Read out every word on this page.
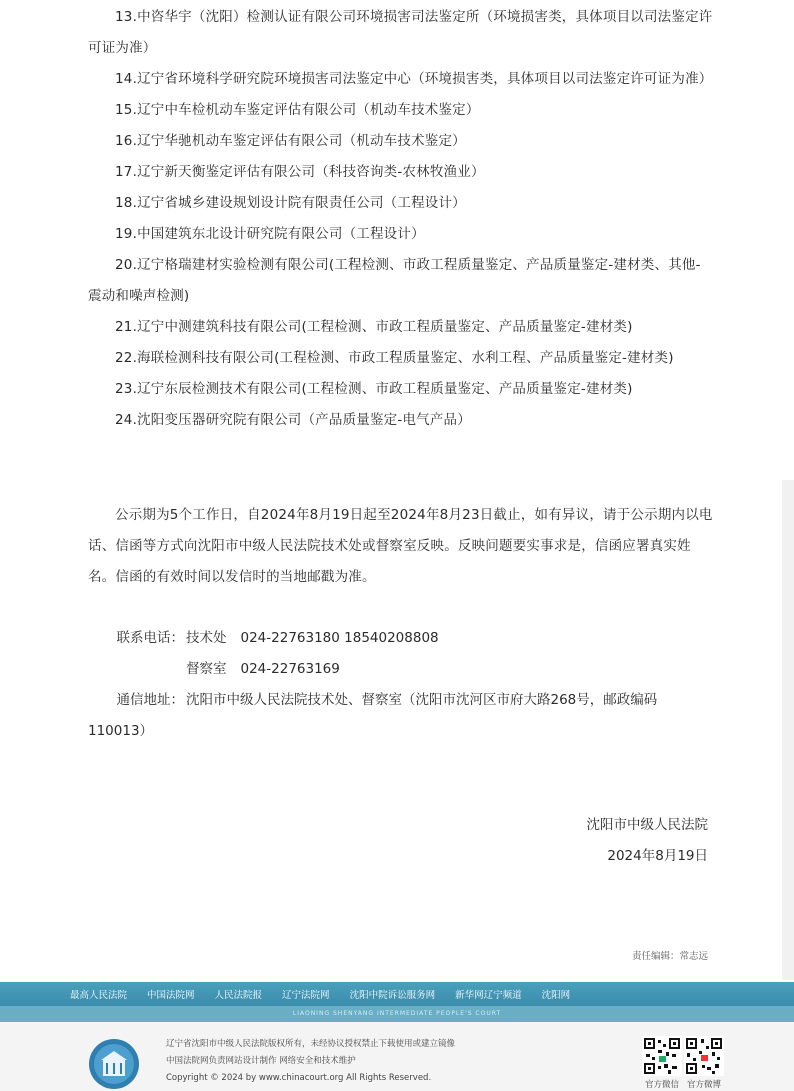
13.中咨华宇（沈阳）检测认证有限公司环境损害司法鉴定所（环境损害类，具体项目以司法鉴定许可证为准）

14.辽宁省环境科学研究院环境损害司法鉴定中心（环境损害类，具体项目以司法鉴定许可证为准）

15.辽宁中车检机动车鉴定评估有限公司（机动车技术鉴定）

16.辽宁华驰机动车鉴定评估有限公司（机动车技术鉴定）

17.辽宁新天衡鉴定评估有限公司（科技咨询类-农林牧渔业）

18.辽宁省城乡建设规划设计院有限责任公司（工程设计）

19.中国建筑东北设计研究院有限公司（工程设计）

20.辽宁格瑞建材实验检测有限公司(工程检测、市政工程质量鉴定、产品质量鉴定-建材类、其他-震动和噪声检测)

21.辽宁中测建筑科技有限公司(工程检测、市政工程质量鉴定、产品质量鉴定-建材类)

22.海联检测科技有限公司(工程检测、市政工程质量鉴定、水利工程、产品质量鉴定-建材类)

23.辽宁东辰检测技术有限公司(工程检测、市政工程质量鉴定、产品质量鉴定-建材类)

24.沈阳变压器研究院有限公司（产品质量鉴定-电气产品）

公示期为5个工作日，自2024年8月19日起至2024年8月23日截止，如有异议，请于公示期内以电话、信函等方式向沈阳市中级人民法院技术处或督察室反映。反映问题要实事求是，信函应署真实姓名。信函的有效时间以发信时的当地邮戳为准。

联系电话： 技术处 024-22763180 18540208808
督察室 024-22763169
通信地址： 沈阳市中级人民法院技术处、督察室（沈阳市沈河区市府大路268号，邮政编码
110013）
沈阳市中级人民法院
2024年8月19日
责任编辑：常志远
最高人民法院 中国法院网 人民法院报 辽宁法院网 沈阳中院诉讼服务网 新华网辽宁频道 沈阳网
LIAONING SHENYANG INTERMEDIATE PEOPLE'S COURT
辽宁省沈阳市中级人民法院版权所有，未经协议授权禁止下载使用或建立镜像
中国法院网负责网站设计制作 网络安全和技术维护
Copyright © 2024 by www.chinacourt.org All Rights Reserved.
官方微信 官方微博
